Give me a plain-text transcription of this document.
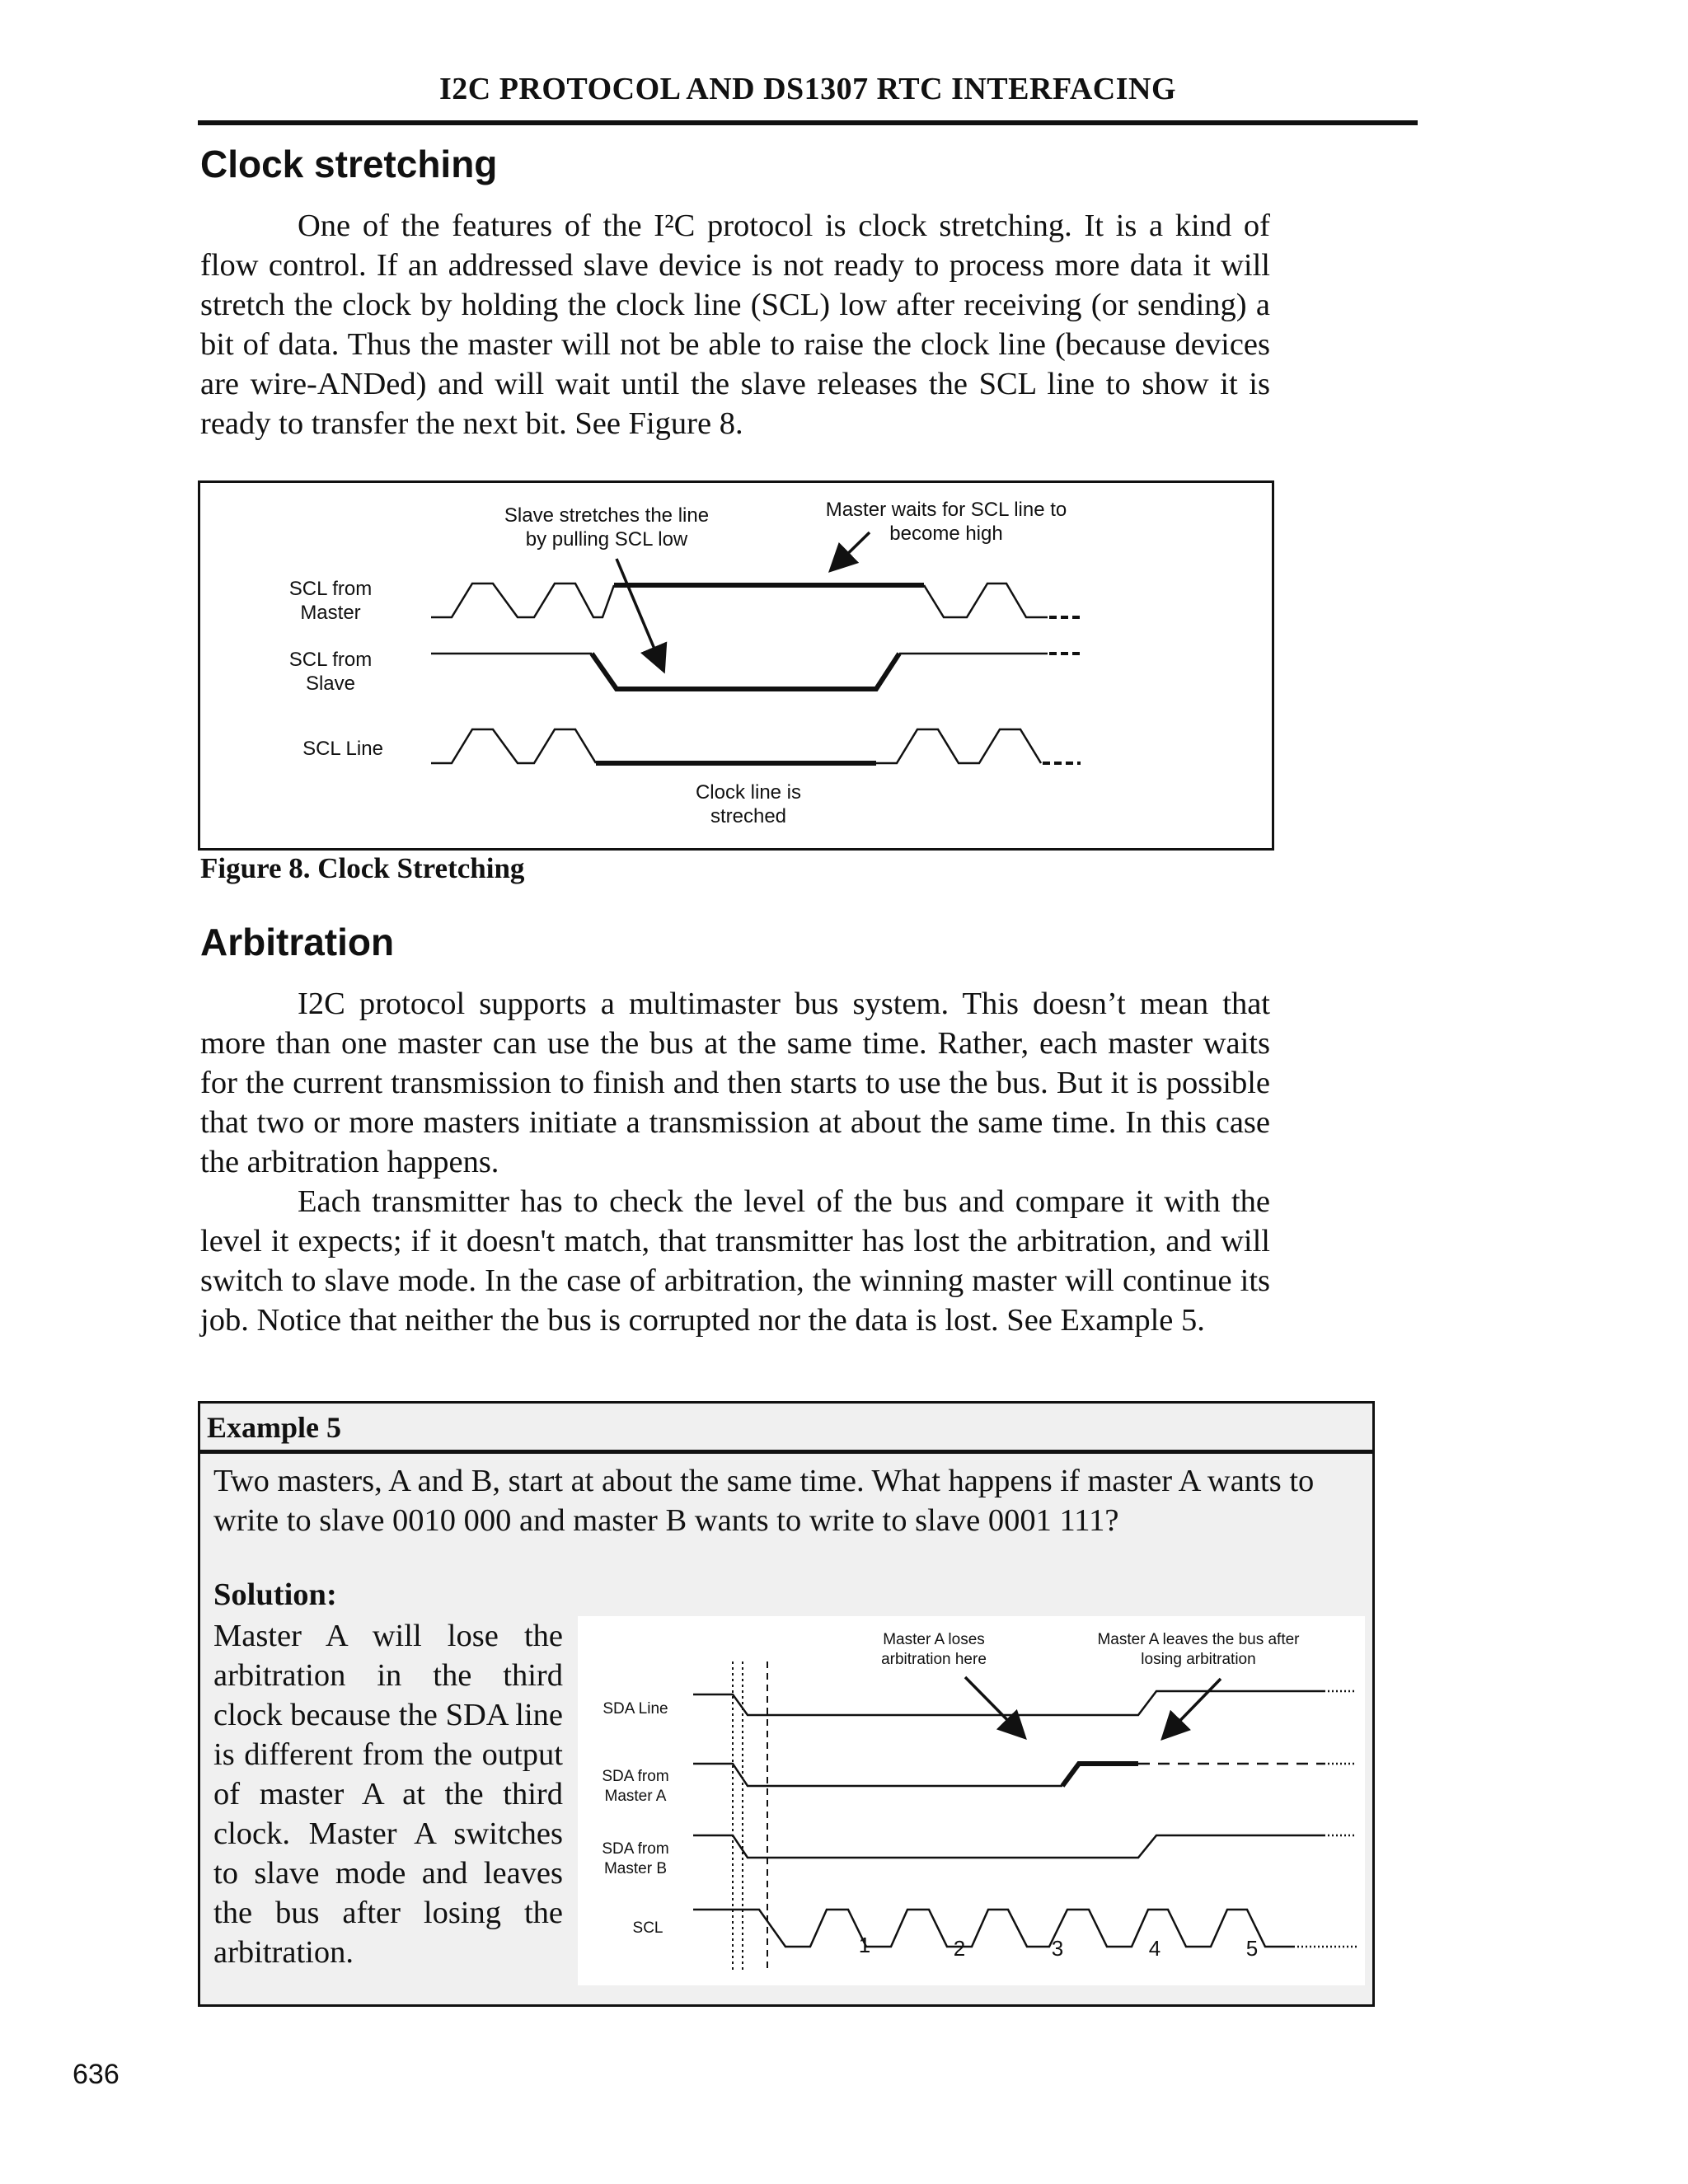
I2C PROTOCOL AND DS1307 RTC INTERFACING
Clock stretching
One of the features of the I²C protocol is clock stretching. It is a kind of flow control. If an addressed slave device is not ready to process more data it will stretch the clock by holding the clock line (SCL) low after receiving (or sending) a bit of data. Thus the master will not be able to raise the clock line (because devices are wire-ANDed) and will wait until the slave releases the SCL line to show it is ready to transfer the next bit. See Figure 8.
SCL from
Master
SCL from
Slave
SCL Line
Slave stretches the line
by pulling SCL low
Master waits for SCL line to
become high
Clock line is
streched
Figure 8. Clock Stretching
Arbitration
I2C protocol supports a multimaster bus system. This doesn’t mean that more than one master can use the bus at the same time. Rather, each master waits for the current transmission to finish and then starts to use the bus. But it is possible that two or more masters initiate a transmission at about the same time. In this case the arbitration happens.
Each transmitter has to check the level of the bus and compare it with the level it expects; if it doesn't match, that transmitter has lost the arbitration, and will switch to slave mode. In the case of arbitration, the winning master will continue its job. Notice that neither the bus is corrupted nor the data is lost. See Example 5.
Example 5
Two masters, A and B, start at about the same time. What happens if master A wants to write to slave 0010 000 and master B wants to write to slave 0001 111?
Solution:
Master A will lose the arbitration in the third clock because the SDA line is different from the output of master A at the third clock. Master A switches to slave mode and leaves the bus after losing the arbitration.
SDA Line
SDA from
Master A
SDA from
Master B
SCL
1	2	3	4	5
Master A loses
arbitration here
Master A leaves the bus after
losing arbitration
636
